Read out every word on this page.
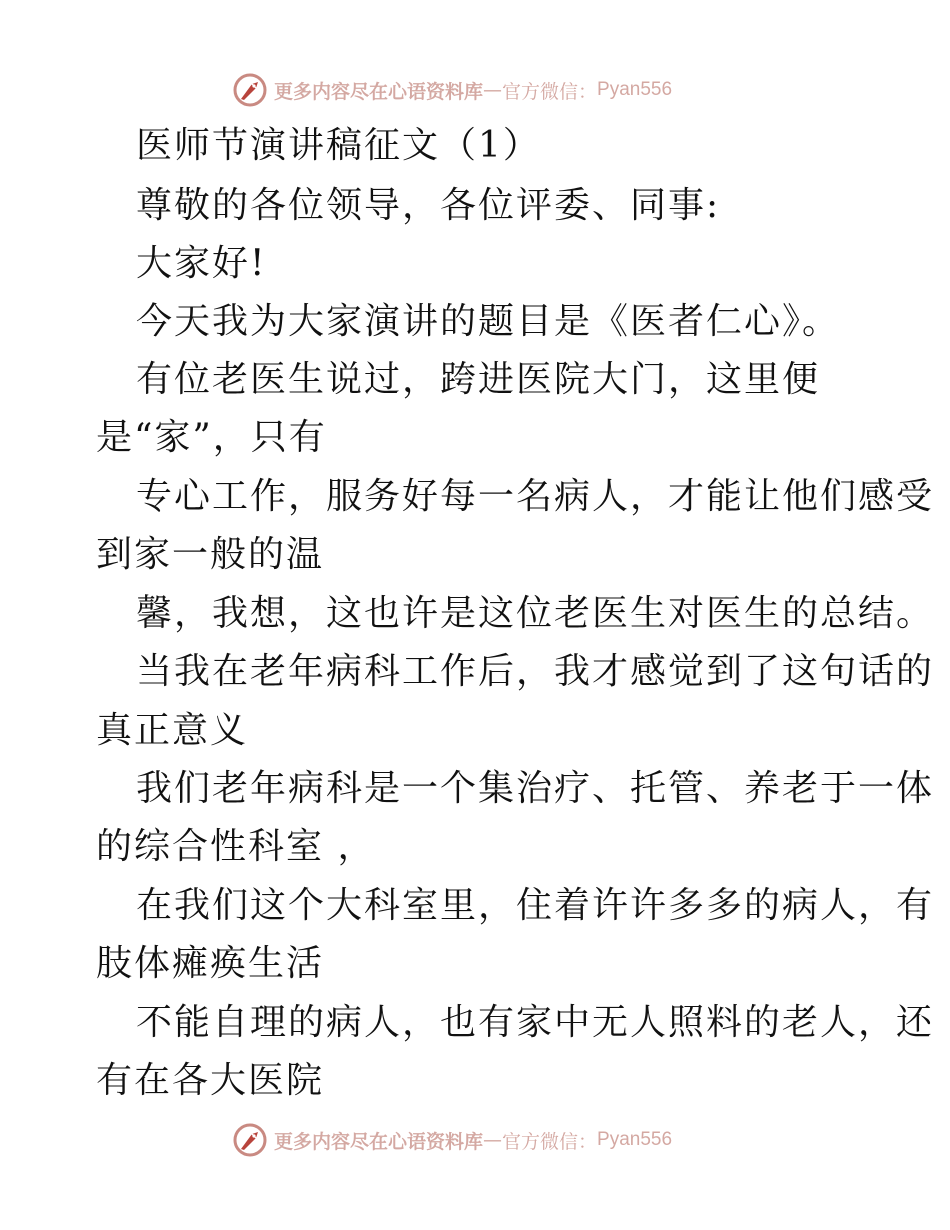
更多内容尽在心语资料库 — 官方微信： Pyan556
医师节演讲稿征文（1）
尊敬的各位领导，各位评委、同事:
大家好!
今天我为大家演讲的题目是《医者仁心》。
有位老医生说过，跨进医院大门，这里便
是“家”，只有
专心工作，服务好每一名病人，才能让他们感受
到家一般的温
馨，我想，这也许是这位老医生对医生的总结。
当我在老年病科工作后，我才感觉到了这句话的
真正意义
我们老年病科是一个集治疗、托管、养老于一体
的综合性科室 ，
在我们这个大科室里，住着许许多多的病人，有
肢体瘫痪生活
不能自理的病人，也有家中无人照料的老人，还
有在各大医院
更多内容尽在心语资料库 — 官方微信： Pyan556
